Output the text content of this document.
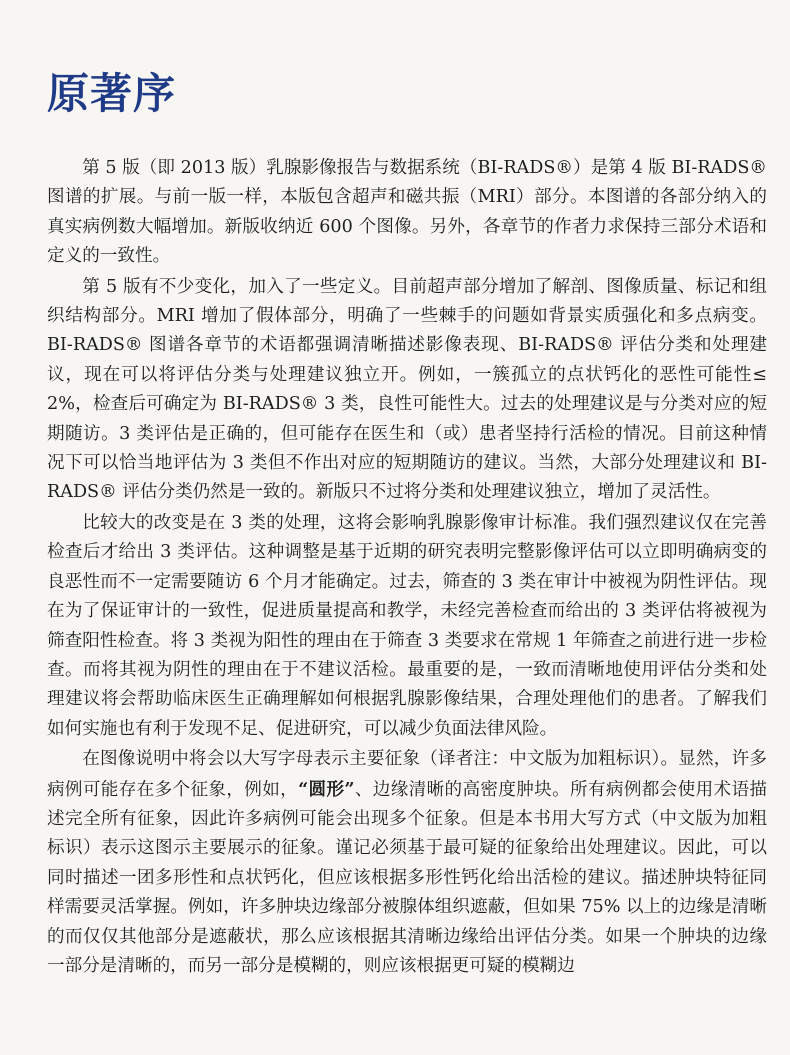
原著序

第 5 版（即 2013 版）乳腺影像报告与数据系统（BI-RADS®）是第 4 版 BI-RADS® 图谱的扩展。与前一版一样，本版包含超声和磁共振（MRI）部分。本图谱的各部分纳入的真实病例数大幅增加。新版收纳近 600 个图像。另外，各章节的作者力求保持三部分术语和定义的一致性。

第 5 版有不少变化，加入了一些定义。目前超声部分增加了解剖、图像质量、标记和组织结构部分。MRI 增加了假体部分，明确了一些棘手的问题如背景实质强化和多点病变。BI-RADS® 图谱各章节的术语都强调清晰描述影像表现、BI-RADS® 评估分类和处理建议，现在可以将评估分类与处理建议独立开。例如，一簇孤立的点状钙化的恶性可能性≤ 2%，检查后可确定为 BI-RADS® 3 类，良性可能性大。过去的处理建议是与分类对应的短期随访。3 类评估是正确的，但可能存在医生和（或）患者坚持行活检的情况。目前这种情况下可以恰当地评估为 3 类但不作出对应的短期随访的建议。当然，大部分处理建议和 BI-RADS® 评估分类仍然是一致的。新版只不过将分类和处理建议独立，增加了灵活性。

比较大的改变是在 3 类的处理，这将会影响乳腺影像审计标准。我们强烈建议仅在完善检查后才给出 3 类评估。这种调整是基于近期的研究表明完整影像评估可以立即明确病变的良恶性而不一定需要随访 6 个月才能确定。过去，筛查的 3 类在审计中被视为阴性评估。现在为了保证审计的一致性，促进质量提高和教学，未经完善检查而给出的 3 类评估将被视为筛查阳性检查。将 3 类视为阳性的理由在于筛查 3 类要求在常规 1 年筛查之前进行进一步检查。而将其视为阴性的理由在于不建议活检。最重要的是，一致而清晰地使用评估分类和处理建议将会帮助临床医生正确理解如何根据乳腺影像结果，合理处理他们的患者。了解我们如何实施也有利于发现不足、促进研究，可以减少负面法律风险。

在图像说明中将会以大写字母表示主要征象（译者注：中文版为加粗标识）。显然，许多病例可能存在多个征象，例如，“圆形”、边缘清晰的高密度肿块。所有病例都会使用术语描述完全所有征象，因此许多病例可能会出现多个征象。但是本书用大写方式（中文版为加粗标识）表示这图示主要展示的征象。谨记必须基于最可疑的征象给出处理建议。因此，可以同时描述一团多形性和点状钙化，但应该根据多形性钙化给出活检的建议。描述肿块特征同样需要灵活掌握。例如，许多肿块边缘部分被腺体组织遮蔽，但如果 75% 以上的边缘是清晰的而仅仅其他部分是遮蔽状，那么应该根据其清晰边缘给出评估分类。如果一个肿块的边缘一部分是清晰的，而另一部分是模糊的，则应该根据更可疑的模糊边
